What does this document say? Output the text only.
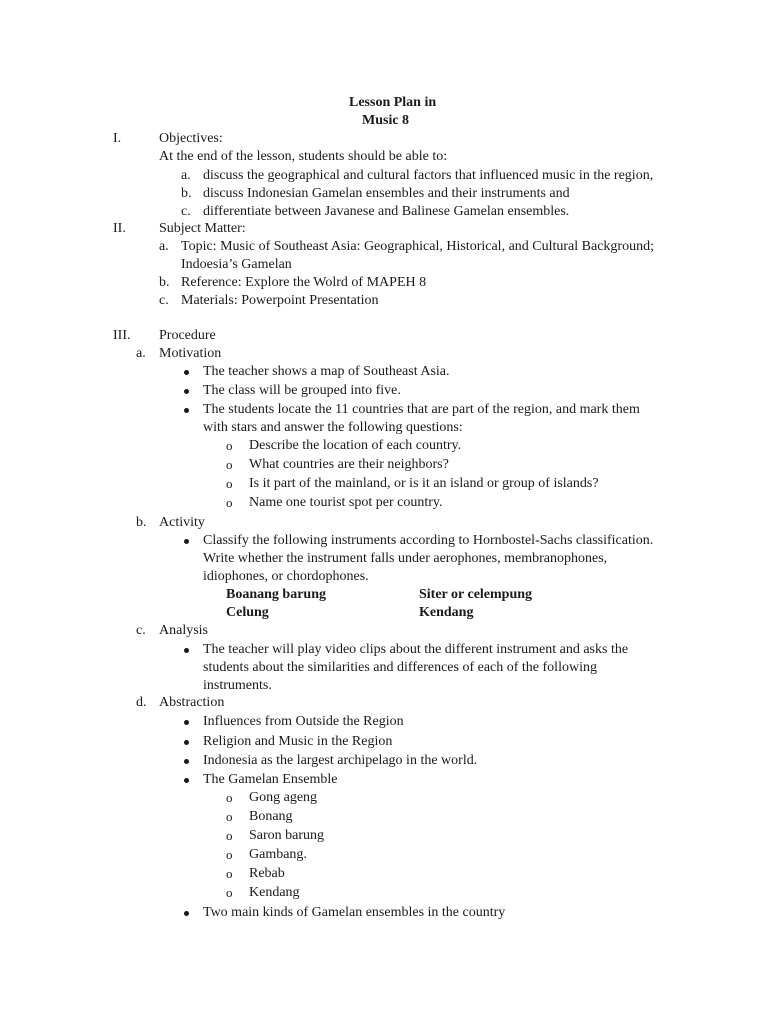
Lesson Plan in
Music 8
I.	Objectives:
At the end of the lesson, students should be able to:
a. discuss the geographical and cultural factors that influenced music in the region,
b. discuss Indonesian Gamelan ensembles and their instruments and
c. differentiate between Javanese and Balinese Gamelan ensembles.
II. Subject Matter:
a. Topic: Music of Southeast Asia: Geographical, Historical, and Cultural Background;
Indoesia’s Gamelan
b. Reference: Explore the Wolrd of MAPEH 8
c. Materials: Powerpoint Presentation
III. Procedure
a. Motivation
The teacher shows a map of Southeast Asia.
The class will be grouped into five.
The students locate the 11 countries that are part of the region, and mark them
with stars and answer the following questions:
o Describe the location of each country.
o What countries are their neighbors?
o Is it part of the mainland, or is it an island or group of islands?
o Name one tourist spot per country.
b. Activity
Classify the following instruments according to Hornbostel-Sachs classification.
Write whether the instrument falls under aerophones, membranophones,
idiophones, or chordophones.
Boanang barung	Siter or celempung
Celung	Kendang
c. Analysis
The teacher will play video clips about the different instrument and asks the
students about the similarities and differences of each of the following
instruments.
d. Abstraction
Influences from Outside the Region
Religion and Music in the Region
Indonesia as the largest archipelago in the world.
The Gamelan Ensemble
o Gong ageng
o Bonang
o Saron barung
o Gambang.
o Rebab
o Kendang
Two main kinds of Gamelan ensembles in the country
